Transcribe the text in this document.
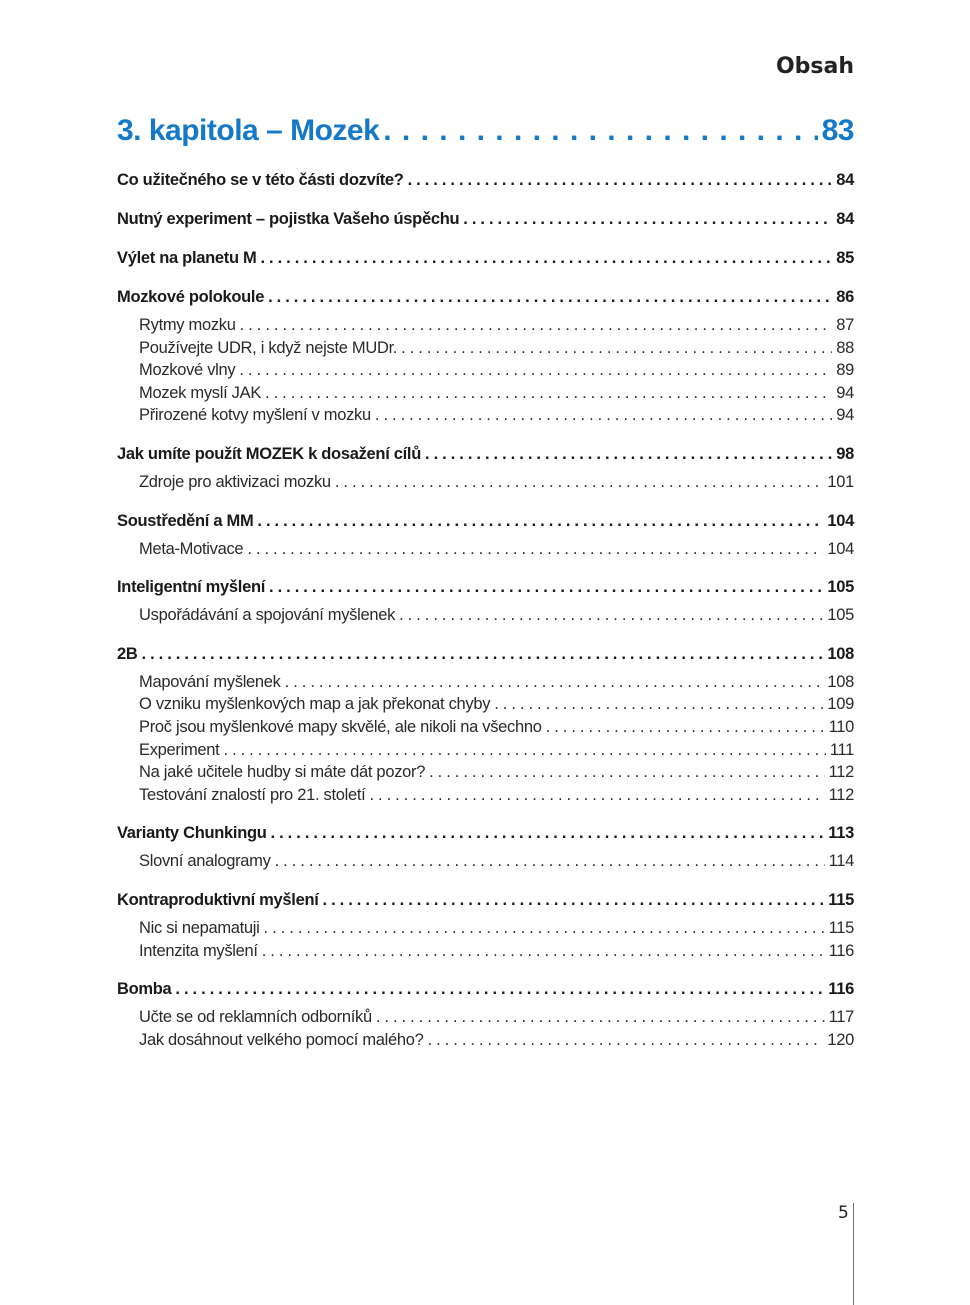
Obsah
3. kapitola – Mozek . . .	83
Co užitečného se v této části dozvíte? . . .	84
Nutný experiment – pojistka Vašeho úspěchu . . .	84
Výlet na planetu M . . .	85
Mozkové polokoule . . .	86
Rytmy mozku . . .	87
Používejte UDR, i když nejste MUDr. . . .	88
Mozkové vlny . . .	89
Mozek myslí JAK . . .	94
Přirozené kotvy myšlení v mozku . . .	94
Jak umíte použít MOZEK k dosažení cílů . . .	98
Zdroje pro aktivizaci mozku . . .	101
Soustředění a MM . . .	104
Meta-Motivace . . .	104
Inteligentní myšlení . . .	105
Uspořádávání a spojování myšlenek . . .	105
2B . . .	108
Mapování myšlenek . . .	108
O vzniku myšlenkových map a jak překonat chyby . . .	109
Proč jsou myšlenkové mapy skvělé, ale nikoli na všechno . . .	110
Experiment . . .	111
Na jaké učitele hudby si máte dát pozor? . . .	112
Testování znalostí pro 21. století . . .	112
Varianty Chunkingu . . .	113
Slovní analogramy . . .	114
Kontraproduktivní myšlení . . .	115
Nic si nepamatuji . . .	115
Intenzita myšlení . . .	116
Bomba . . .	116
Učte se od reklamních odborníků . . .	117
Jak dosáhnout velkého pomocí malého? . . .	120
5
